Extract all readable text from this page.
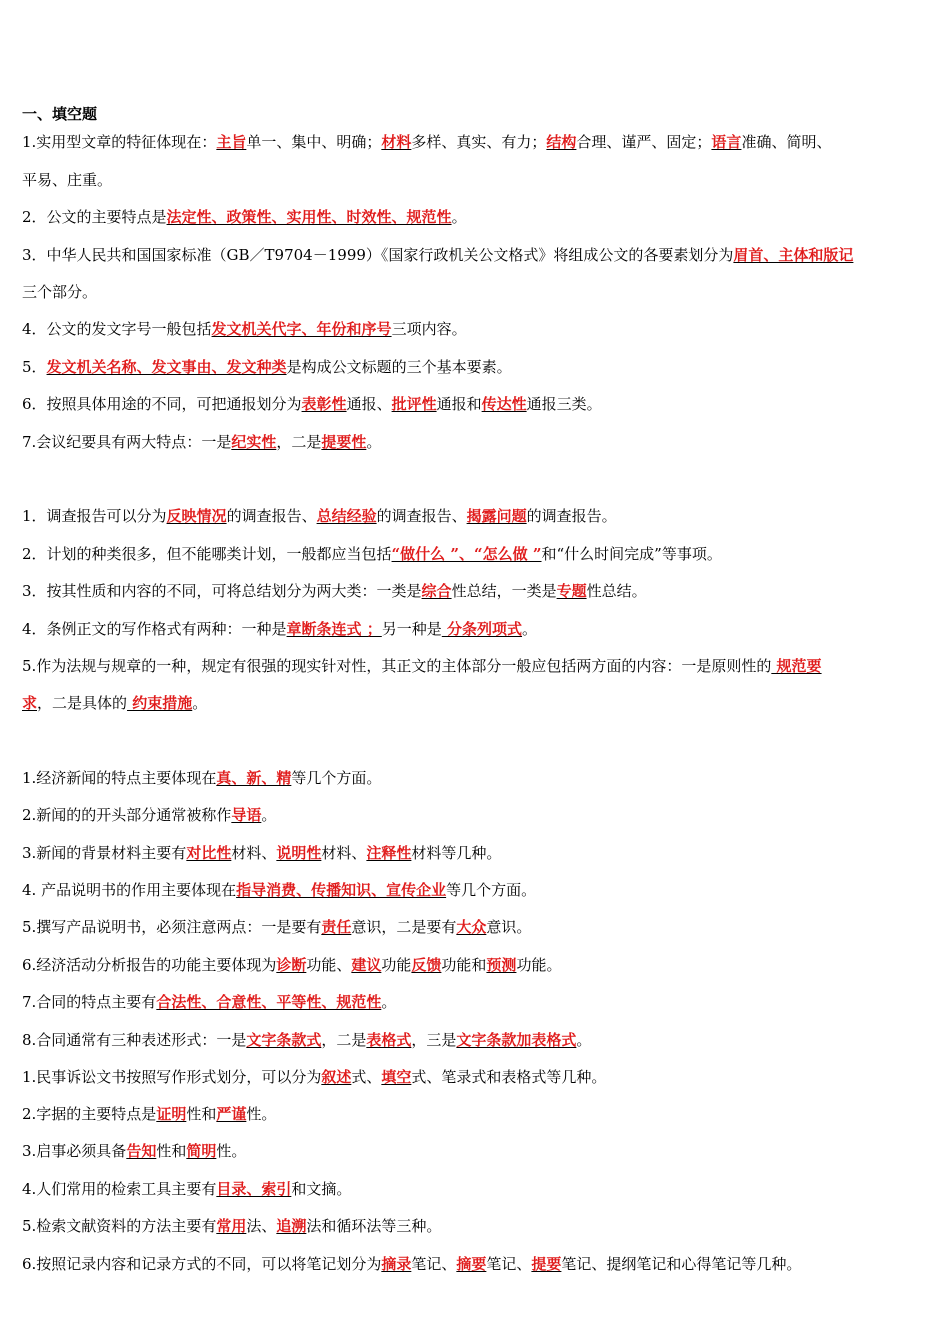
一、填空题
1.实用型文章的特征体现在：主旨单一、集中、明确；材料多样、真实、有力；结构合理、谨严、固定；语言准确、简明、
平易、庄重。
2．公文的主要特点是法定性、政策性、实用性、时效性、规范性。
3．中华人民共和国国家标准（GB／T9704－1999）《国家行政机关公文格式》将组成公文的各要素划分为眉首、主体和版记
三个部分。
4．公文的发文字号一般包括发文机关代字、年份和序号三项内容。
5．发文机关名称、发文事由、发文种类是构成公文标题的三个基本要素。
6．按照具体用途的不同，可把通报划分为表彰性通报、批评性通报和传达性通报三类。
7.会议纪要具有两大特点：一是纪实性，二是提要性。
1．调查报告可以分为反映情况的调查报告、总结经验的调查报告、揭露问题的调查报告。
2．计划的种类很多，但不能哪类计划，一般都应当包括“做什么 ”、“怎么做 ”和“什么时间完成”等事项。
3．按其性质和内容的不同，可将总结划分为两大类：一类是综合性总结，一类是专题性总结。
4．条例正文的写作格式有两种：一种是章断条连式 ；另一种是 分条列项式。
5.作为法规与规章的一种，规定有很强的现实针对性，其正文的主体部分一般应包括两方面的内容：一是原则性的 规范要
求，二是具体的 约束措施。
1.经济新闻的特点主要体现在真、新、精等几个方面。
2.新闻的的开头部分通常被称作导语。
3.新闻的背景材料主要有对比性材料、说明性材料、注释性材料等几种。
4. 产品说明书的作用主要体现在指导消费、传播知识、宣传企业等几个方面。
5.撰写产品说明书，必须注意两点：一是要有责任意识，二是要有大众意识。
6.经济活动分析报告的功能主要体现为诊断功能、建议功能反馈功能和预测功能。
7.合同的特点主要有合法性、合意性、平等性、规范性。
8.合同通常有三种表述形式：一是文字条款式，二是表格式，三是文字条款加表格式。
1.民事诉讼文书按照写作形式划分，可以分为叙述式、填空式、笔录式和表格式等几种。
2.字据的主要特点是证明性和严谨性。
3.启事必须具备告知性和简明性。
4.人们常用的检索工具主要有目录、索引和文摘。
5.检索文献资料的方法主要有常用法、追溯法和循环法等三种。
6.按照记录内容和记录方式的不同，可以将笔记划分为摘录笔记、摘要笔记、提要笔记、提纲笔记和心得笔记等几种。
